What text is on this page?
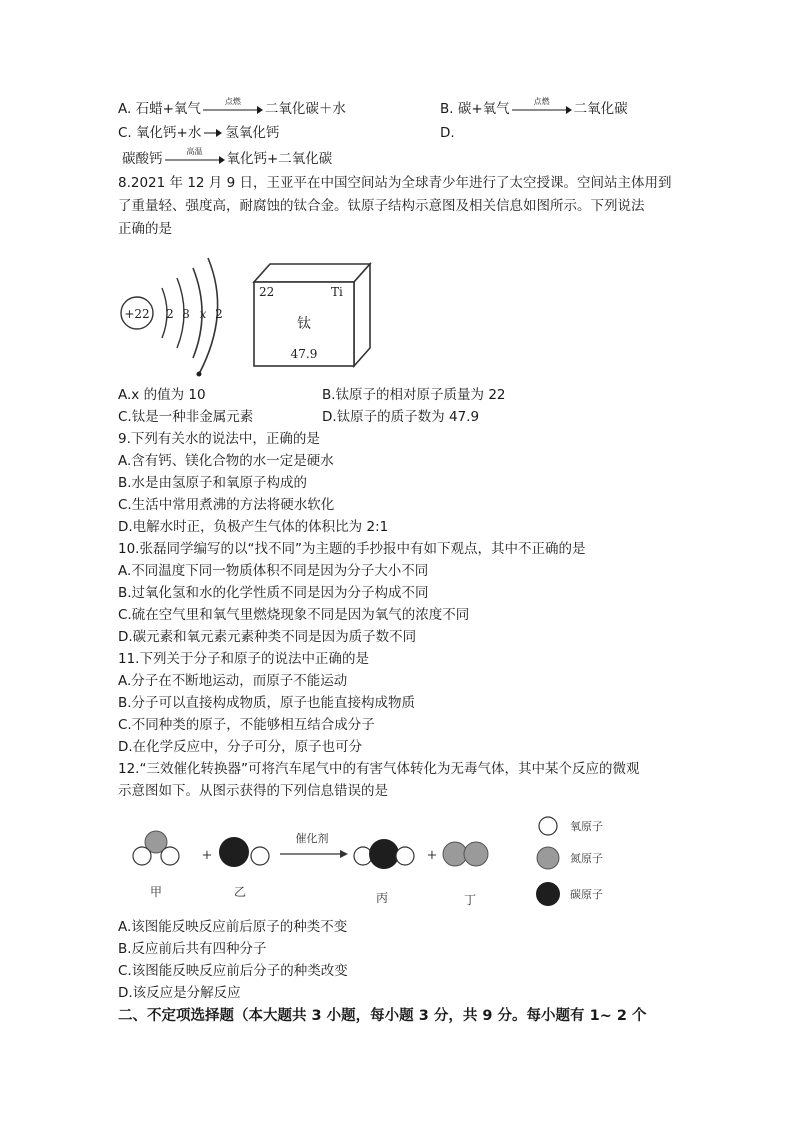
A. 石蜡+氧气	点燃	二氧化碳＋水	B. 碳+氧气	点燃	二氧化碳
C. 氧化钙+水 → 氢氧化钙	D.
碳酸钙	高温	氧化钙+二氧化碳
8.2021 年 12 月 9 日，王亚平在中国空间站为全球青少年进行了太空授课。空间站主体用到
了重量轻、强度高，耐腐蚀的钛合金。钛原子结构示意图及相关信息如图所示。下列说法
正确的是
+22 2 8 x 2
22	Ti
钛
47.9
A.x 的值为 10	B.钛原子的相对原子质量为 22
C.钛是一种非金属元素	D.钛原子的质子数为 47.9
9.下列有关水的说法中，正确的是
A.含有钙、镁化合物的水一定是硬水
B.水是由氢原子和氧原子构成的
C.生活中常用煮沸的方法将硬水软化
D.电解水时正，负极产生气体的体积比为 2:1
10.张磊同学编写的以“找不同”为主题的手抄报中有如下观点，其中不正确的是
A.不同温度下同一物质体积不同是因为分子大小不同
B.过氧化氢和水的化学性质不同是因为分子构成不同
C.硫在空气里和氧气里燃烧现象不同是因为氧气的浓度不同
D.碳元素和氧元素元素种类不同是因为质子数不同
11.下列关于分子和原子的说法中正确的是
A.分子在不断地运动，而原子不能运动
B.分子可以直接构成物质，原子也能直接构成物质
C.不同种类的原子，不能够相互结合成分子
D.在化学反应中，分子可分，原子也可分
12.“三效催化转换器”可将汽车尾气中的有害气体转化为无毒气体，其中某个反应的微观
示意图如下。从图示获得的下列信息错误的是
甲
+
乙
催化剂
丙
+
丁
氧原子
氮原子
碳原子
A.该图能反映反应前后原子的种类不变
B.反应前后共有四种分子
C.该图能反映反应前后分子的种类改变
D.该反应是分解反应
二、不定项选择题（本大题共 3 小题，每小题 3 分，共 9 分。每小题有 1~ 2 个
